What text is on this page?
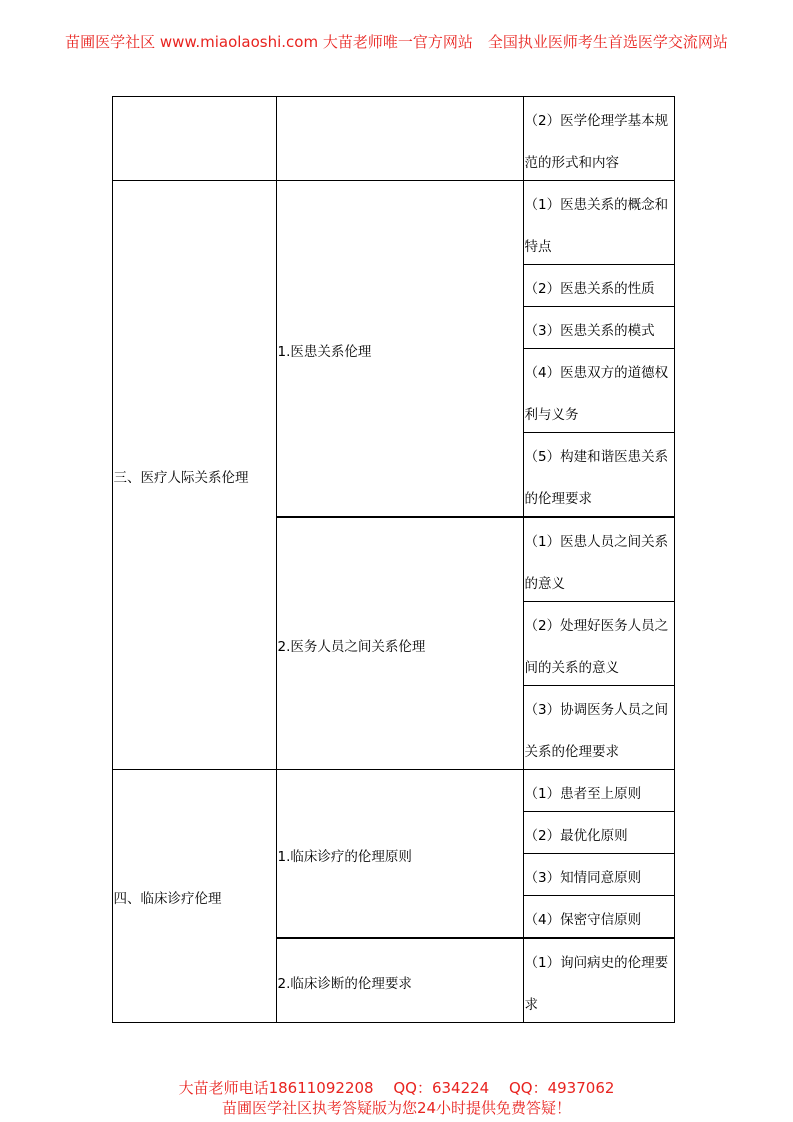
苗圃医学社区 www.miaolaoshi.com 大苗老师唯一官方网站　全国执业医师考生首选医学交流网站
（2）医学伦理学基本规
范的形式和内容
（1）医患关系的概念和
特点
（2）医患关系的性质
（3）医患关系的模式
（4）医患双方的道德权
利与义务
（5）构建和谐医患关系
的伦理要求
1.医患关系伦理
（1）医患人员之间关系
的意义
（2）处理好医务人员之
间的关系的意义
（3）协调医务人员之间
关系的伦理要求
2.医务人员之间关系伦理
三、医疗人际关系伦理
（1）患者至上原则
（2）最优化原则
（3）知情同意原则
（4）保密守信原则
1.临床诊疗的伦理原则
（1）询问病史的伦理要
求
2.临床诊断的伦理要求
四、临床诊疗伦理
大苗老师电话18611092208　 QQ：634224　 QQ：4937062
苗圃医学社区执考答疑版为您24小时提供免费答疑！
